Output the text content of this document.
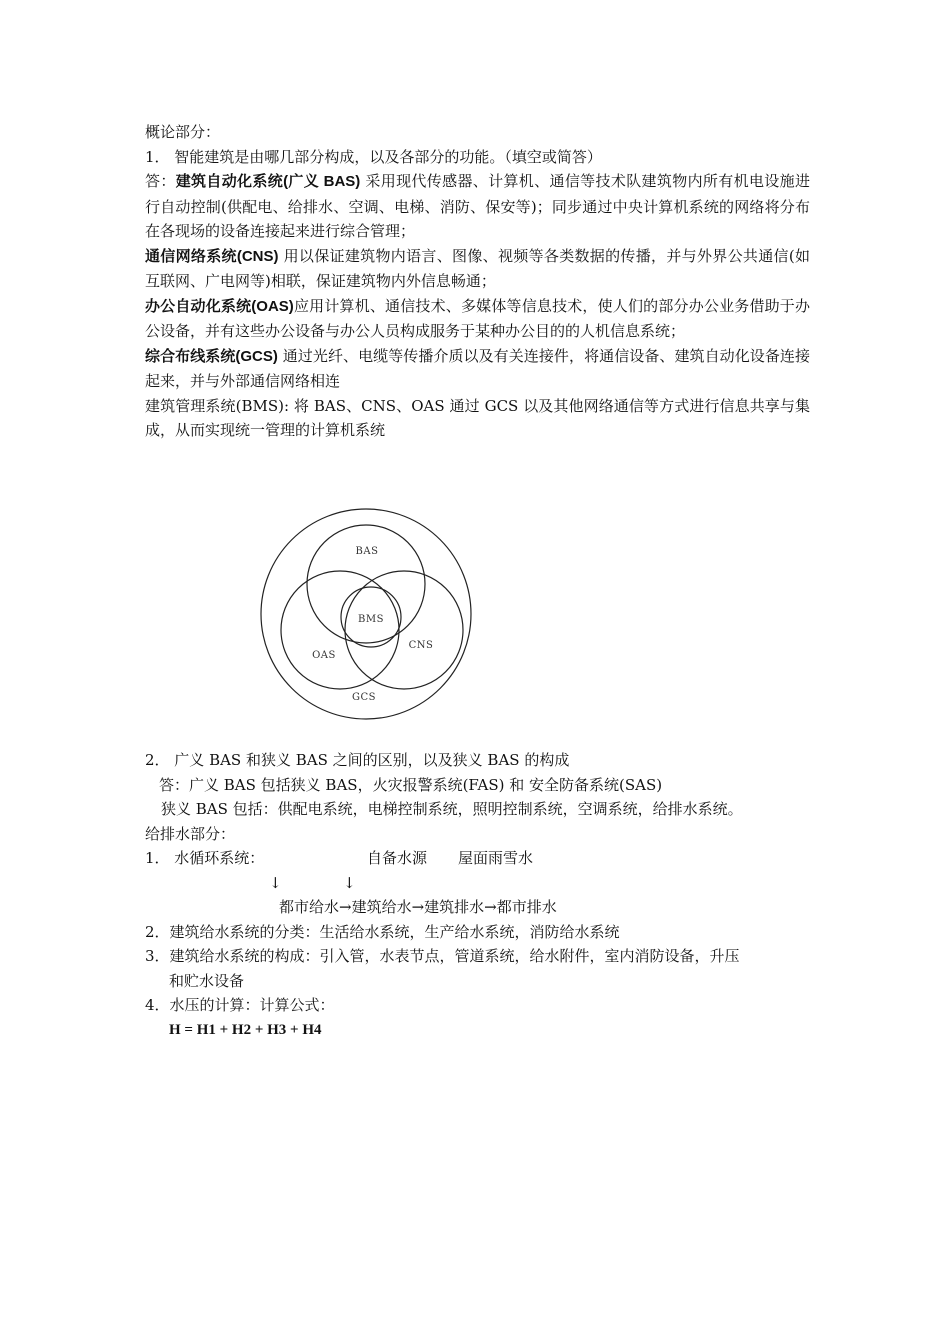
概论部分：
1． 智能建筑是由哪几部分构成，以及各部分的功能。（填空或简答）
答：建筑自动化系统(广义 BAS) 采用现代传感器、计算机、通信等技术队建筑物内所有机电设施进行自动控制(供配电、给排水、空调、电梯、消防、保安等)；同步通过中央计算机系统的网络将分布在各现场的设备连接起来进行综合管理；
通信网络系统(CNS) 用以保证建筑物内语言、图像、视频等各类数据的传播，并与外界公共通信(如互联网、广电网等)相联，保证建筑物内外信息畅通；
办公自动化系统(OAS)应用计算机、通信技术、多媒体等信息技术，使人们的部分办公业务借助于办公设备，并有这些办公设备与办公人员构成服务于某种办公目的的人机信息系统；
综合布线系统(GCS) 通过光纤、电缆等传播介质以及有关连接件，将通信设备、建筑自动化设备连接起来，并与外部通信网络相连
建筑管理系统(BMS): 将 BAS、CNS、OAS 通过 GCS 以及其他网络通信等方式进行信息共享与集成，从而实现统一管理的计算机系统
BAS
BMS
OAS
CNS
GCS
2． 广义 BAS 和狭义 BAS 之间的区别，以及狭义 BAS 的构成
答：广义 BAS 包括狭义 BAS，火灾报警系统(FAS) 和 安全防备系统(SAS)
狭义 BAS 包括：供配电系统，电梯控制系统，照明控制系统，空调系统，给排水系统。
给排水部分：
1． 水循环系统：	自备水源 屋面雨雪水
↓	↓
都市给水→建筑给水→建筑排水→都市排水
2．建筑给水系统的分类：生活给水系统，生产给水系统，消防给水系统
3．建筑给水系统的构成：引入管，水表节点，管道系统，给水附件，室内消防设备，升压
和贮水设备
4．水压的计算：计算公式：
H = H1 + H2 + H3 + H4
